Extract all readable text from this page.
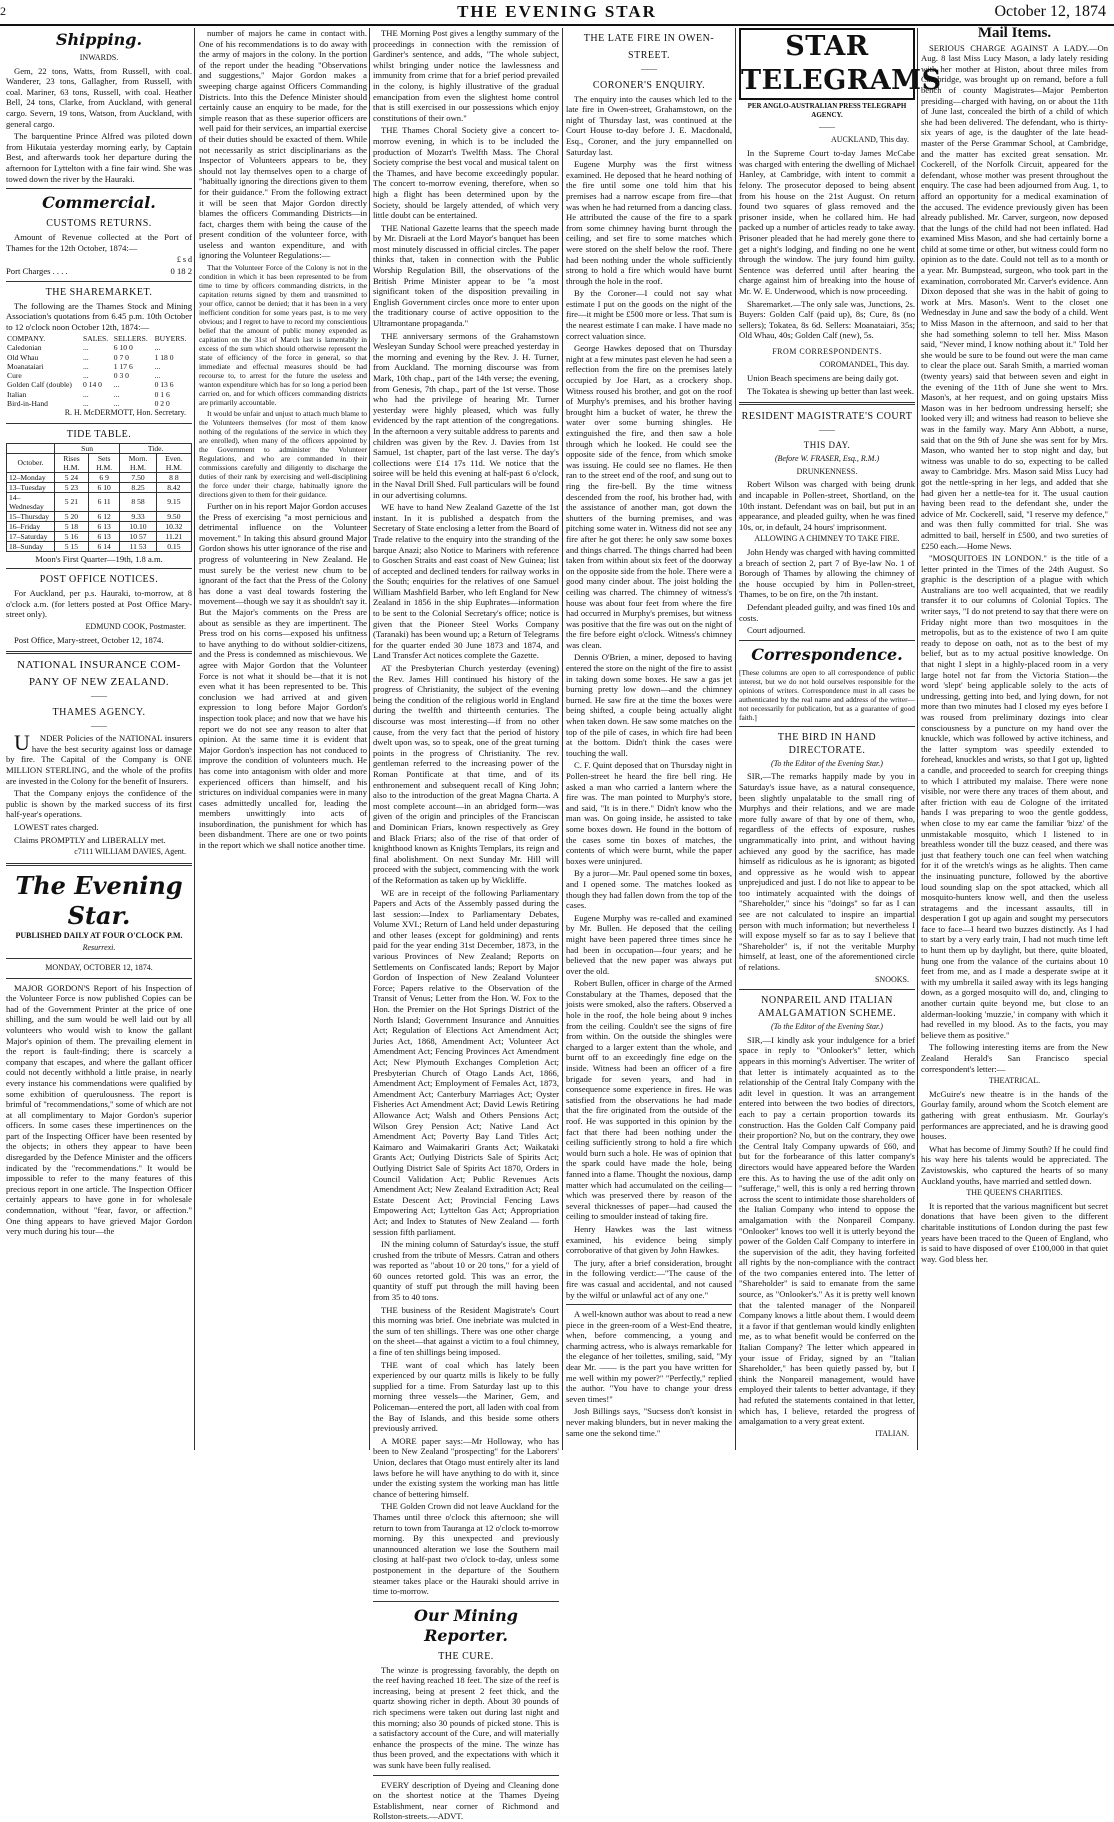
2	THE EVENING STAR	October 12, 1874
Shipping.
INWARDS.

Gem, 22 tons, Watts, from Russell, with coal. Wanderer, 23 tons, Gallagher, from Russell, with coal. Mariner, 63 tons, Russell, with coal. Heather Bell, 24 tons, Clarke, from Auckland, with general cargo. Severn, 19 tons, Watson, from Auckland, with general cargo.

The barquentine Prince Alfred was piloted down from Hikutaia yesterday morning early, by Captain Best, and afterwards took her departure during the afternoon for Lyttelton with a fine fair wind. She was towed down the river by the Hauraki.

Commercial.
CUSTOMS RETURNS.

Amount of Revenue collected at the Port of Thames for the 12th October, 1874:—

£ s d
Port Charges . . . .	0 18 2
THE SHAREMARKET.

The following are the Thames Stock and Mining Association's quotations from 6.45 p.m. 10th October to 12 o'clock noon October 12th, 1874:—

COMPANY.	SALES.	SELLERS.	BUYERS.
Caledonian	...	6 10 0	...
Old Whau	...	0 7 0	1 18 0
Moanataiari	...	1 17 6	...
Cure	...	0 3 0	...
Golden Calf (double)	0 14 0	...	0 13 6
Italian	...	...	0 1 6
Bird-in-Hand	...	...	0 2 0
R. H. McDERMOTT, Hon. Secretary.
TIDE TABLE.
	Sun		Tide.	
October.	Rises H.M.	Sets H.M.	Morn. H.M.	Even. H.M.
12–Monday	5 24	6 9	7.50	8 8
13–Tuesday	5 23	6 10	8.25	8.42
14–Wednesday	5 21	6 11	8 58	9.15
15–Thursday	5 20	6 12	9.33	9.50
16–Friday	5 18	6 13	10.10	10.32
17–Saturday	5 16	6 13	10 57	11.21
18–Sunday	5 15	6 14	11 53	0.15
Moon's First Quarter—19th, 1.8 a.m.
POST OFFICE NOTICES.

For Auckland, per p.s. Hauraki, to-morrow, at 8 o'clock a.m. (for letters posted at Post Office Mary-street only).

EDMUND COOK, Postmaster.

Post Office, Mary-street, October 12, 1874.

NATIONAL INSURANCE COM-
PANY OF NEW ZEALAND.
——
THAMES AGENCY.
——

UNDER Policies of the NATIONAL insurers have the best security against loss or damage by fire. The Capital of the Company is ONE MILLION STERLING, and the whole of the profits are invested in the Colony for the benefit of Insurers.

That the Company enjoys the confidence of the public is shown by the marked success of its first half-year's operations.

LOWEST rates charged.

Claims PROMPTLY and LIBERALLY met.

c7111 WILLIAM DAVIES, Agent.
The Evening Star.
PUBLISHED DAILY AT FOUR O'CLOCK P.M.
Resurrexi.
MONDAY, OCTOBER 12, 1874.

MAJOR GORDON'S Report of his Inspection of the Volunteer Force is now published Copies can be had of the Government Printer at the price of one shilling, and the sum would be well laid out by all volunteers who would wish to know the gallant Major's opinion of them. The prevailing element in the report is fault-finding; there is scarcely a company that escapes, and where the gallant officer could not decently withhold a little praise, in nearly every instance his commendations were qualified by some exhibition of querulousness. The report is brimful of "recommendations," some of which are not at all complimentary to Major Gordon's superior officers. In some cases these impertinences on the part of the Inspecting Officer have been resented by the objects; in others they appear to have been disregarded by the Defence Minister and the officers indicated by the "recommendations." It would be impossible to refer to the many features of this precious report in one article. The Inspection Officer certainly appears to have gone in for wholesale condemnation, without "fear, favor, or affection." One thing appears to have grieved Major Gordon very much during his tour—the

number of majors he came in contact with. One of his recommendations is to do away with the army of majors in the colony. In the portion of the report under the heading "Observations and suggestions," Major Gordon makes a sweeping charge against Officers Commanding Districts. Into this the Defence Minister should certainly cause an enquiry to be made, for the simple reason that as these superior officers are well paid for their services, an impartial exercise of their duties should be exacted of them. While not necessarily as strict disciplinarians as the Inspector of Volunteers appears to be, they should not lay themselves open to a charge of "habitually ignoring the directions given to them for their guidance." From the following extract it will be seen that Major Gordon directly blames the officers Commanding Districts—in fact, charges them with being the cause of the present condition of the volunteer force, with useless and wanton expenditure, and with ignoring the Volunteer Regulations:—

That the Volunteer Force of the Colony is not in the condition in which it has been represented to be from time to time by officers commanding districts, in the capitation returns signed by them and transmitted to your office, cannot be denied; that it has been in a very inefficient condition for some years past, is to me very obvious; and I regret to have to record my conscientious belief that the amount of public money expended as capitation on the 31st of March last is lamentably in excess of the sum which should otherwise represent the state of efficiency of the force in general, so that immediate and effectual measures should be had recourse to, to arrest for the future the useless and wanton expenditure which has for so long a period been carried on, and for which officers commanding districts are primarily accountable.

It would be unfair and unjust to attach much blame to the Volunteers themselves (for most of them know nothing of the regulations of the service in which they are enrolled), when many of the officers appointed by the Government to administer the Volunteer Regulations, and who are commanded in their commissions carefully and diligently to discharge the duties of their rank by exercising and well-disciplining the force under their charge, habitually ignore the directions given to them for their guidance.

Further on in his report Major Gordon accuses the Press of exercising "a most pernicious and detrimental influence on the Volunteer movement." In taking this absurd ground Major Gordon shows his utter ignorance of the rise and progress of volunteering in New Zealand. He must surely be the veriest new chum to be ignorant of the fact that the Press of the Colony has done a vast deal towards fostering the movement—though we say it as shouldn't say it. But the Major's comments on the Press are about as sensible as they are impertinent. The Press trod on his corns—exposed his unfitness to have anything to do without soldier-citizens, and the Press is condemned as mischievous. We agree with Major Gordon that the Volunteer Force is not what it should be—that it is not even what it has been represented to be. This conclusion we had arrived at and given expression to long before Major Gordon's inspection took place; and now that we have his report we do not see any reason to alter that opinion. At the same time it is evident that Major Gordon's inspection has not conduced to improve the condition of volunteers much. He has come into antagonism with older and more experienced officers than himself, and his strictures on individual companies were in many cases admittedly uncalled for, leading the members unwittingly into acts of insubordination, the punishment for which has been disbandment. There are one or two points in the report which we shall notice another time.

THE Morning Post gives a lengthy summary of the proceedings in connection with the remission of Gardiner's sentence, and adds, "The whole subject, whilst bringing under notice the lawlessness and immunity from crime that for a brief period prevailed in the colony, is highly illustrative of the gradual emancipation from even the slightest home control that is still exercised in our possessions which enjoy constitutions of their own."

THE Thames Choral Society give a concert to-morrow evening, in which is to be included the production of Mozart's Twelfth Mass. The Choral Society comprise the best vocal and musical talent on the Thames, and have become exceedingly popular. The concert to-morrow evening, therefore, when so high a flight has been determined upon by the Society, should be largely attended, of which very little doubt can be entertained.

THE National Gazette learns that the speech made by Mr. Disraeli at the Lord Mayor's banquet has been most minutely discussed in official circles. The paper thinks that, taken in connection with the Public Worship Regulation Bill, the observations of the British Prime Minister appear to be "a most significant token of the disposition prevailing in English Government circles once more to enter upon the traditionary course of active opposition to the Ultramontane propaganda."

THE anniversary sermons of the Grahamstown Wesleyan Sunday School were preached yesterday in the morning and evening by the Rev. J. H. Turner, from Auckland. The morning discourse was from Mark, 10th chap., part of the 14th verse; the evening, from Genesis, 7th chap., part of the 1st verse. Those who had the privilege of hearing Mr. Turner yesterday were highly pleased, which was fully evidenced by the rapt attention of the congregations. In the afternoon a very suitable address to parents and children was given by the Rev. J. Davies from 1st Samuel, 1st chapter, part of the last verse. The day's collections were £14 17s 11d. We notice that the soiree will be held this evening at half-past 6 o'clock, in the Naval Drill Shed. Full particulars will be found in our advertising columns.

WE have to hand New Zealand Gazette of the 1st instant. In it is published a despatch from the Secretary of State enclosing a letter from the Board of Trade relative to the enquiry into the stranding of the barque Anazi; also Notice to Mariners with reference to Goschen Straits and east coast of New Guinea; list of accepted and declined tenders for railway works in the South; enquiries for the relatives of one Samuel William Mashfield Barber, who left England for New Zealand in 1856 in the ship Euphrates—information to be sent to the Colonial Secretary's office; notice is given that the Pioneer Steel Works Company (Taranaki) has been wound up; a Return of Telegrams for the quarter ended 30 June 1873 and 1874, and Land Transfer Act notices complete the Gazette.

AT the Presbyterian Church yesterday (evening) the Rev. James Hill continued his history of the progress of Christianity, the subject of the evening being the condition of the religious world in England during the twelfth and thirteenth centuries. The discourse was most interesting—if from no other cause, from the very fact that the period of history dwelt upon was, so to speak, one of the great turning points in the progress of Christianity. The rev. gentleman referred to the increasing power of the Roman Pontificate at that time, and of its enthronement and subsequent recall of King John; also to the introduction of the great Magna Charta. A most complete account—in an abridged form—was given of the origin and principles of the Franciscan and Dominican Friars, known respectively as Grey and Black Friars; also of the rise of that order of knighthood known as Knights Templars, its reign and final abolishment. On next Sunday Mr. Hill will proceed with the subject, commencing with the work of the Reformation as taken up by Wickliffe.

WE are in receipt of the following Parliamentary Papers and Acts of the Assembly passed during the last session:—Index to Parliamentary Debates, Volume XVI.; Return of Land held under depasturing and other leases (except for goldmining) and rents paid for the year ending 31st December, 1873, in the various Provinces of New Zealand; Reports on Settlements on Confiscated lands; Report by Major Gordon of Inspection of New Zealand Volunteer Force; Papers relative to the Observation of the Transit of Venus; Letter from the Hon. W. Fox to the Hon. the Premier on the Hot Springs District of the North Island; Government Insurance and Annuities Act; Regulation of Elections Act Amendment Act; Juries Act, 1868, Amendment Act; Volunteer Act Amendment Act; Fencing Provinces Act Amendment Act; New Plymouth Exchanges Completion Act; Presbyterian Church of Otago Lands Act, 1866, Amendment Act; Employment of Females Act, 1873, Amendment Act; Canterbury Marriages Act; Oyster Fisheries Act Amendment Act; David Lewis Retiring Allowance Act; Walsh and Others Pensions Act; Wilson Grey Pension Act; Native Land Act Amendment Act; Poverty Bay Land Titles Act; Kaimaro and Waimakariri Grants Act; Waikataki Grants Act; Outlying Districts Sale of Spirits Act; Outlying District Sale of Spirits Act 1870, Orders in Council Validation Act; Public Revenues Acts Amendment Act; New Zealand Extradition Act; Real Estate Descent Act; Provincial Fencing Laws Empowering Act; Lyttelton Gas Act; Appropriation Act; and Index to Statutes of New Zealand — forth session fifth parliament.

IN the mining column of Saturday's issue, the stuff crushed from the tribute of Messrs. Catran and others was reported as "about 10 or 20 tons," for a yield of 60 ounces retorted gold. This was an error, the quantity of stuff put through the mill having been from 35 to 40 tons.

THE business of the Resident Magistrate's Court this morning was brief. One inebriate was mulcted in the sum of ten shillings. There was one other charge on the sheet—that against a victim to a foul chimney, a fine of ten shillings being imposed.

THE want of coal which has lately been experienced by our quartz mills is likely to be fully supplied for a time. From Saturday last up to this morning three vessels—the Mariner, Gem, and Policeman—entered the port, all laden with coal from the Bay of Islands, and this beside some others previously arrived.

A MORE paper says:—Mr Holloway, who has been to New Zealand "prospecting" for the Laborers' Union, declares that Otago must entirely alter its land laws before he will have anything to do with it, since under the existing system the working man has little chance of bettering himself.

THE Golden Crown did not leave Auckland for the Thames until three o'clock this afternoon; she will return to town from Tauranga at 12 o'clock to-morrow morning. By this unexpected and previously unannounced alteration we lose the Southern mail closing at half-past two o'clock to-day, unless some postponement in the departure of the Southern steamer takes place or the Hauraki should arrive in time to-morrow.

Our Mining Reporter.
THE CURE.

The winze is progressing favorably, the depth on the reef having reached 18 feet. The size of the reef is increasing, being at present 2 feet thick, and the quartz showing richer in depth. About 30 pounds of rich specimens were taken out during last night and this morning; also 30 pounds of picked stone. This is a satisfactory account of the Cure, and will materially enhance the prospects of the mine. The winze has thus been proved, and the expectations with which it was sunk have been fully realised.

EVERY description of Dyeing and Cleaning done on the shortest notice at the Thames Dyeing Establishment, near corner of Richmond and Rollston-streets.—ADVT.

THE LATE FIRE IN OWEN-
STREET.
——
CORONER'S ENQUIRY.

The enquiry into the causes which led to the late fire in Owen-street, Grahamstown, on the night of Thursday last, was continued at the Court House to-day before J. E. Macdonald, Esq., Coroner, and the jury empannelled on Saturday last.

Eugene Murphy was the first witness examined. He deposed that he heard nothing of the fire until some one told him that his premises had a narrow escape from fire—that was when he had returned from a dancing class. He attributed the cause of the fire to a spark from some chimney having burnt through the ceiling, and set fire to some matches which were stored on the shelf below the roof. There had been nothing under the whole sufficiently strong to hold a fire which would have burnt through the hole in the roof.

By the Coroner—I could not say what estimate I put on the goods on the night of the fire—it might be £500 more or less. That sum is the nearest estimate I can make. I have made no correct valuation since.

George Hawkes deposed that on Thursday night at a few minutes past eleven he had seen a reflection from the fire on the premises lately occupied by Joe Hart, as a crockery shop. Witness roused his brother, and got on the roof of Murphy's premises, and his brother having brought him a bucket of water, he threw the water over some burning shingles. He extinguished the fire, and then saw a hole through which he looked. He could see the opposite side of the fence, from which smoke was issuing. He could see no flames. He then ran to the street end of the roof, and sung out to ring the fire-bell. By the time witness descended from the roof, his brother had, with the assistance of another man, got down the shutters of the burning premises, and was pitching some water in. Witness did not see any fire after he got there: he only saw some boxes and things charred. The things charred had been taken from within about six feet of the doorway on the opposite side from the hole. There were a good many cinder about. The joist holding the ceiling was charred. The chimney of witness's house was about four feet from where the fire had occurred in Murphy's premises, but witness was positive that the fire was out on the night of the fire before eight o'clock. Witness's chimney was clean.

Dennis O'Brien, a miner, deposed to having entered the store on the night of the fire to assist in taking down some boxes. He saw a gas jet burning pretty low down—and the chimney burned. He saw fire at the time the boxes were being shifted, a couple being actually alight when taken down. He saw some matches on the top of the pile of cases, in which fire had been at the bottom. Didn't think the cases were touching the wall.

C. F. Quint deposed that on Thursday night in Pollen-street he heard the fire bell ring. He asked a man who carried a lantern where the fire was. The man pointed to Murphy's store, and said, "It is in there." Didn't know who the man was. On going inside, he assisted to take some boxes down. He found in the bottom of the cases some tin boxes of matches, the contents of which were burnt, while the paper boxes were uninjured.

By a juror—Mr. Paul opened some tin boxes, and I opened some. The matches looked as though they had fallen down from the top of the cases.

Eugene Murphy was re-called and examined by Mr. Bullen. He deposed that the ceiling might have been papered three times since he had been in occupation—four years; and he believed that the new paper was always put over the old.

Robert Bullen, officer in charge of the Armed Constabulary at the Thames, deposed that the joists were smoked, also the rafters. Observed a hole in the roof, the hole being about 9 inches from the ceiling. Couldn't see the signs of fire from within. On the outside the shingles were charged to a larger extent than the whole, and burnt off to an exceedingly fine edge on the inside. Witness had been an officer of a fire brigade for seven years, and had in consequence some experience in fires. He was satisfied from the observations he had made that the fire originated from the outside of the roof. He was supported in this opinion by the fact that there had been nothing under the ceiling sufficiently strong to hold a fire which would burn such a hole. He was of opinion that the spark could have made the hole, being fanned into a flame. Thought the noxious, damp matter which had accumulated on the ceiling—which was preserved there by reason of the several thicknesses of paper—had caused the ceiling to smoulder instead of taking fire.

Henry Hawkes was the last witness examined, his evidence being simply corroborative of that given by John Hawkes.

The jury, after a brief consideration, brought in the following verdict:—"The cause of the fire was casual and accidental, and not caused by the wilful or unlawful act of any one."

A well-known author was about to read a new piece in the green-room of a West-End theatre, when, before commencing, a young and charming actress, who is always remarkable for the elegance of her toilettes, smiling, said, "My dear Mr. —— is the part you have written for me well within my power?" "Perfectly," replied the author. "You have to change your dress seven times!"

Josh Billings says, "Sucsess don't konsist in never making blunders, but in never making the same one the sekond time."

STAR TELEGRAMS
PER ANGLO-AUSTRALIAN PRESS TELEGRAPH AGENCY.
——
AUCKLAND, This day.

In the Supreme Court to-day James McCabe was charged with entering the dwelling of Michael Hanley, at Cambridge, with intent to commit a felony. The prosecutor deposed to being absent from his house on the 21st August. On return found two squares of glass removed and the prisoner inside, when he collared him. He had packed up a number of articles ready to take away. Prisoner pleaded that he had merely gone there to get a night's lodging, and finding no one he went through the window. The jury found him guilty. Sentence was deferred until after hearing the charge against him of breaking into the house of Mr. W. E. Underwood, which is now proceeding.

Sharemarket.—The only sale was, Junctions, 2s. Buyers: Golden Calf (paid up), 8s; Cure, 8s (no sellers); Tokatea, 8s 6d. Sellers: Moanataiari, 35s; Old Whau, 40s; Golden Calf (new), 5s.

FROM CORRESPONDENTS.
COROMANDEL, This day.

Union Beach specimens are being daily got.

The Tokatea is shewing up better than last week.

RESIDENT MAGISTRATE'S COURT
——
THIS DAY.
(Before W. FRASER, Esq., R.M.)
DRUNKENNESS.

Robert Wilson was charged with being drunk and incapable in Pollen-street, Shortland, on the 10th instant. Defendant was on bail, but put in an appearance, and pleaded guilty, when he was fined 10s, or, in default, 24 hours' imprisonment.

ALLOWING A CHIMNEY TO TAKE FIRE.

John Hendy was charged with having committed a breach of section 2, part 7 of Bye-law No. 1 of Borough of Thames by allowing the chimney of the house occupied by him in Pollen-street, Thames, to be on fire, on the 7th instant.

Defendant pleaded guilty, and was fined 10s and costs.

Court adjourned.

Correspondence.

[These columns are open to all correspondence of public interest, but we do not hold ourselves responsible for the opinions of writers. Correspondence must in all cases be authenticated by the real name and address of the writer—not necessarily for publication, but as a guarantee of good faith.]

THE BIRD IN HAND DIRECTORATE.
(To the Editor of the Evening Star.)

SIR,—The remarks happily made by you in Saturday's issue have, as a natural consequence, been slightly unpalatable to the small ring of Murphys and their relations, and we are made more fully aware of that by one of them, who, regardless of the effects of exposure, rushes ungrammatically into print, and without having achieved any good by the sacrifice, has made himself as ridiculous as he is ignorant; as bigoted and oppressive as he would wish to appear unprejudiced and just. I do not like to appear to be too intimately acquainted with the doings of "Shareholder," since his "doings" so far as I can see are not calculated to inspire an impartial person with much information; but nevertheless I will expose myself so far as to say I believe that "Shareholder" is, if not the veritable Murphy himself, at least, one of the aforementioned circle of relations.

SNOOKS.
NONPAREIL AND ITALIAN AMALGAMATION SCHEME.
(To the Editor of the Evening Star.)

SIR,—I kindly ask your indulgence for a brief space in reply to "Onlooker's" letter, which appears in this morning's Advertiser. The writer of that letter is intimately acquainted as to the relationship of the Central Italy Company with the adit level in question. It was an arrangement entered into between the two bodies of directors, each to pay a certain proportion towards its construction. Has the Golden Calf Company paid their proportion? No, but on the contrary, they owe the Central Italy Company upwards of £60, and but for the forbearance of this latter company's directors would have appeared before the Warden ere this. As to having the use of the adit only on "sufferage," well, this is only a red herring thrown across the scent to intimidate those shareholders of the Italian Company who intend to oppose the amalgamation with the Nonpareil Company. "Onlooker" knows too well it is utterly beyond the power of the Golden Calf Company to interfere in the supervision of the adit, they having forfeited all rights by the non-compliance with the contract of the two companies entered into. The letter of "Shareholder" is said to emanate from the same source, as "Onlooker's." As it is pretty well known that the talented manager of the Nonpareil Company knows a little about them. I would deem it a favor if that gentleman would kindly enlighten me, as to what benefit would be conferred on the Italian Company? The letter which appeared in your issue of Friday, signed by an "Italian Shareholder," has been quietly passed by, but I think the Nonpareil management, would have employed their talents to better advantage, if they had refuted the statements contained in that letter, which has, I believe, retarded the progress of amalgamation to a very great extent.

ITALIAN.
Mail Items.

SERIOUS CHARGE AGAINST A LADY.—On Aug. 8 last Miss Lucy Mason, a lady lately residing with her mother at Histon, about three miles from Cambridge, was brought up on remand, before a full bench of county Magistrates—Major Pemberton presiding—charged with having, on or about the 11th of June last, concealed the birth of a child of which she had been delivered. The defendant, who is thirty-six years of age, is the daughter of the late head-master of the Perse Grammar School, at Cambridge, and the matter has excited great sensation. Mr. Cockerell, of the Norfolk Circuit, appeared for the defendant, whose mother was present throughout the enquiry. The case had been adjourned from Aug. 1, to afford an opportunity for a medical examination of the accused. The evidence previously given has been already published. Mr. Carver, surgeon, now deposed that the lungs of the child had not been inflated. Had examined Miss Mason, and she had certainly borne a child at some time or other, but witness could form no opinion as to the date. Could not tell as to a month or a year. Mr. Bumpstead, surgeon, who took part in the examination, corroborated Mr. Carver's evidence. Ann Dixon deposed that she was in the habit of going to work at Mrs. Mason's. Went to the closet one Wednesday in June and saw the body of a child. Went to Miss Mason in the afternoon, and said to her that she had something solemn to tell her. Miss Mason said, "Never mind, I know nothing about it." Told her she would be sure to be found out were the man came to clear the place out. Sarah Smith, a married woman (twenty years) said that between seven and eight in the evening of the 11th of June she went to Mrs. Mason's, at her request, and on going upstairs Miss Mason was in her bedroom undressing herself; she looked very ill; and witness had reason to believe she was in the family way. Mary Ann Abbott, a nurse, said that on the 9th of June she was sent for by Mrs. Mason, who wanted her to stop night and day, but witness was unable to do so, expecting to be called away to Cambridge. Mrs. Mason said Miss Lucy had got the nettle-spring in her legs, and added that she had given her a nettle-tea for it. The usual caution having been read to the defendant she, under the advice of Mr. Cockerell, said, "I reserve my defence," and was then fully committed for trial. She was admitted to bail, herself in £500, and two sureties of £250 each.—Home News.

"MOSQUITOES IN LONDON." is the title of a letter printed in the Times of the 24th August. So graphic is the description of a plague with which Australians are too well acquainted, that we readily transfer it to our columns of Colonial Topics. The writer says, "I do not pretend to say that there were on Friday night more than two mosquitoes in the metropolis, but as to the existence of two I am quite ready to depose on oath, not as to the best of my belief, but as to my actual positive knowledge. On that night I slept in a highly-placed room in a very large hotel not far from the Victoria Station—the word 'slept' being applicable solely to the acts of undressing, getting into bed, and lying down, for not more than two minutes had I closed my eyes before I was roused from preliminary dozings into clear consciousness by a puncture on my hand over the knuckle, which was followed by active itchiness, and the latter symptom was speedily extended to forehead, knuckles and wrists, so that I got up, lighted a candle, and proceeded to search for creeping things to which I attributed my malaise. There were none visible, nor were there any traces of them about, and after friction with eau de Cologne of the irritated hands I was preparing to woo the gentle goddess, when close to my ear came the familiar 'bizz' of the unmistakable mosquito, which I listened to in breathless wonder till the buzz ceased, and there was just that feathery touch one can feel when watching for it of the wretch's wings as he alights. Then came the insinuating puncture, followed by the abortive loud sounding slap on the spot attacked, which all mosquito-hunters know well, and then the useless stratagems and the incessant assaults, till in desperation I got up again and sought my persecutors face to face—I heard two buzzes distinctly. As I had to start by a very early train, I had not much time left to hunt them up by daylight, but there, quite bloated, hung one from the valance of the curtains about 10 feet from me, and as I made a desperate swipe at it with my umbrella it sailed away with its legs hanging down, as a gorged mosquito will do, and, clinging to another curtain quite beyond me, but close to an alderman-looking 'muzzie,' in company with which it had revelled in my blood. As to the facts, you may believe them as positive."

The following interesting items are from the New Zealand Herald's San Francisco special correspondent's letter:—

THEATRICAL.

McGuire's new theatre is in the hands of the Gourlay family, around whom the Scotch element are gathering with great enthusiasm. Mr. Gourlay's performances are appreciated, and he is drawing good houses.

What has become of Jimmy South? If he could find his way here his talents would be appreciated. The Zavistowskis, who captured the hearts of so many Auckland youths, have married and settled down.

THE QUEEN'S CHARITIES.

It is reported that the various magnificent but secret donations that have been given to the different charitable institutions of London during the past few years have been traced to the Queen of England, who is said to have disposed of over £100,000 in that quiet way. God bless her.
